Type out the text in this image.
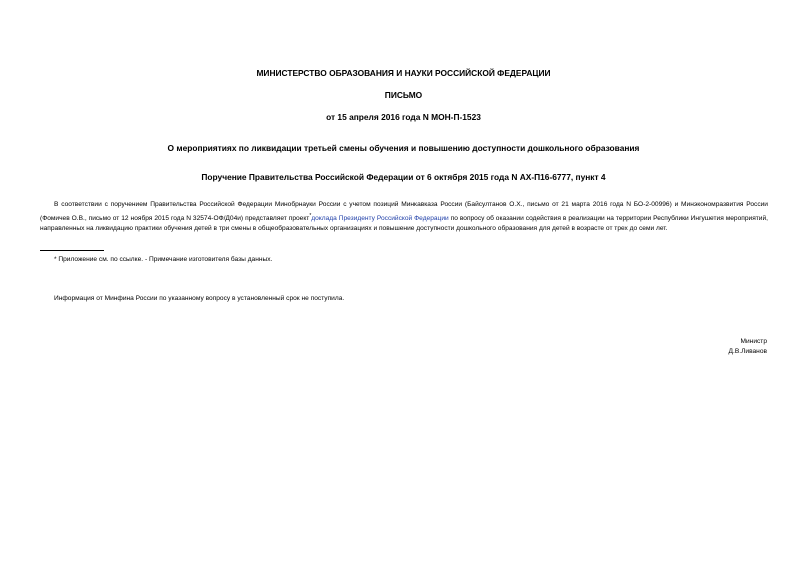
МИНИСТЕРСТВО ОБРАЗОВАНИЯ И НАУКИ РОССИЙСКОЙ ФЕДЕРАЦИИ
ПИСЬМО
от 15 апреля 2016 года N МОН-П-1523
О мероприятиях по ликвидации третьей смены обучения и повышению доступности дошкольного образования
Поручение Правительства Российской Федерации от 6 октября 2015 года N АХ-П16-6777, пункт 4
В соответствии с поручением Правительства Российской Федерации Минобрнауки России с учетом позиций Минкавказа России (Байсултанов О.Х., письмо от 21 марта 2016 года N БО-2-00996) и Минэкономразвития России (Фомичев О.В., письмо от 12 ноября 2015 года N 32574-ОФ/Д04и) представляет проект*доклада Президенту Российской Федерации по вопросу об оказании содействия в реализации на территории Республики Ингушетия мероприятий, направленных на ликвидацию практики обучения детей в три смены в общеобразовательных организациях и повышение доступности дошкольного образования для детей в возрасте от трех до семи лет.
* Приложение см. по ссылке. - Примечание изготовителя базы данных.
Информация от Минфина России по указанному вопросу в установленный срок не поступила.
Министр
Д.В.Ливанов
